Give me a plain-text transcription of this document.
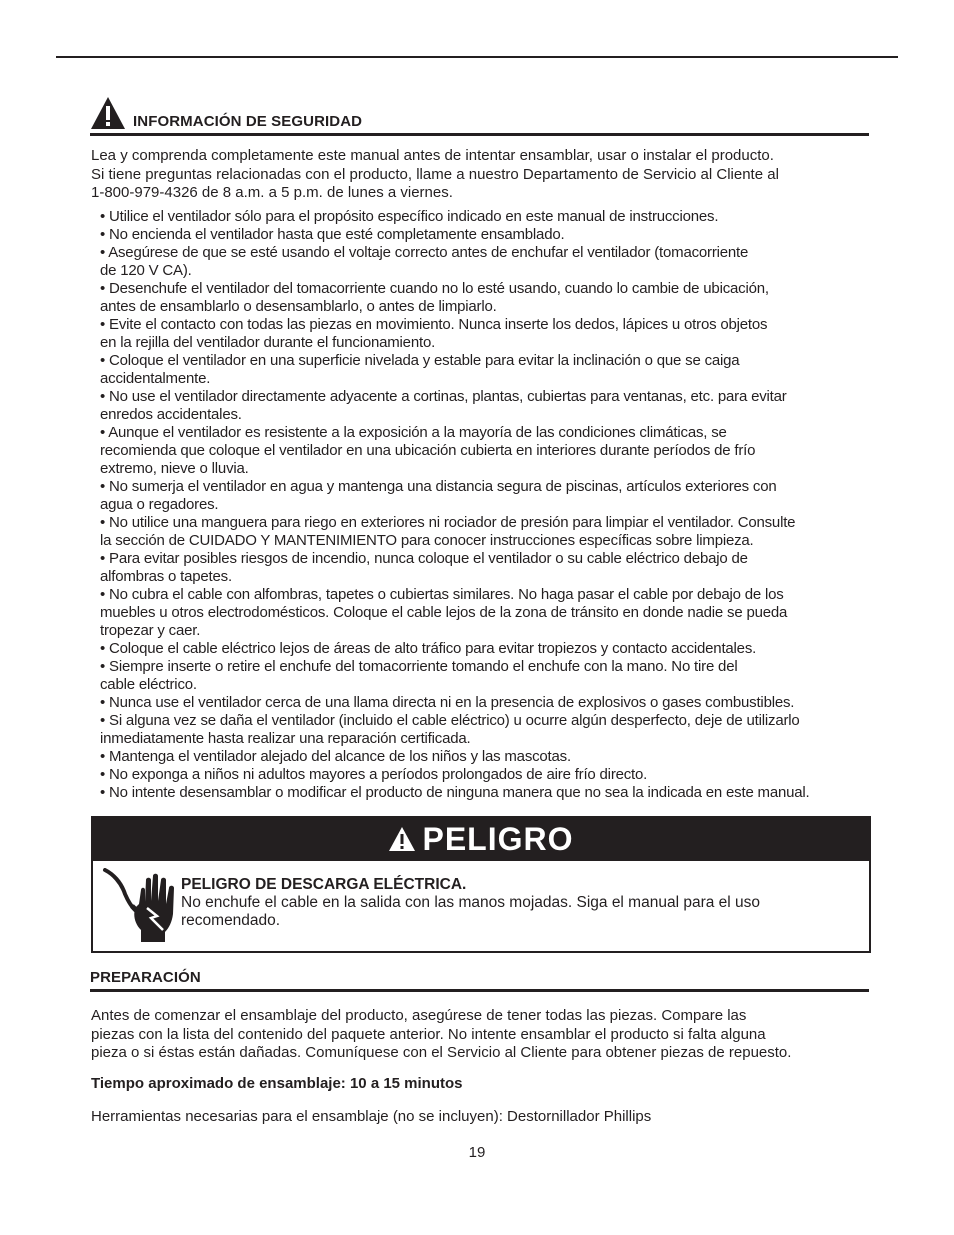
INFORMACIÓN DE SEGURIDAD

Lea y comprenda completamente este manual antes de intentar ensamblar, usar o instalar el producto.

Si tiene preguntas relacionadas con el producto, llame a nuestro Departamento de Servicio al Cliente al

1-800-979-4326 de 8 a.m. a 5 p.m. de lunes a viernes.

• Utilice el ventilador sólo para el propósito específico indicado en este manual de instrucciones.
• No encienda el ventilador hasta que esté completamente ensamblado.
• Asegúrese de que se esté usando el voltaje correcto antes de enchufar el ventilador (tomacorriente
de 120 V CA).
• Desenchufe el ventilador del tomacorriente cuando no lo esté usando, cuando lo cambie de ubicación,
antes de ensamblarlo o desensamblarlo, o antes de limpiarlo.
• Evite el contacto con todas las piezas en movimiento. Nunca inserte los dedos, lápices u otros objetos
en la rejilla del ventilador durante el funcionamiento.
• Coloque el ventilador en una superficie nivelada y estable para evitar la inclinación o que se caiga
accidentalmente.
• No use el ventilador directamente adyacente a cortinas, plantas, cubiertas para ventanas, etc. para evitar
enredos accidentales.
• Aunque el ventilador es resistente a la exposición a la mayoría de las condiciones climáticas, se
recomienda que coloque el ventilador en una ubicación cubierta en interiores durante períodos de frío
extremo, nieve o lluvia.
• No sumerja el ventilador en agua y mantenga una distancia segura de piscinas, artículos exteriores con
agua o regadores.
• No utilice una manguera para riego en exteriores ni rociador de presión para limpiar el ventilador. Consulte
la sección de CUIDADO Y MANTENIMIENTO para conocer instrucciones específicas sobre limpieza.
• Para evitar posibles riesgos de incendio, nunca coloque el ventilador o su cable eléctrico debajo de
alfombras o tapetes.
• No cubra el cable con alfombras, tapetes o cubiertas similares. No haga pasar el cable por debajo de los
muebles u otros electrodomésticos. Coloque el cable lejos de la zona de tránsito en donde nadie se pueda
tropezar y caer.
• Coloque el cable eléctrico lejos de áreas de alto tráfico para evitar tropiezos y contacto accidentales.
• Siempre inserte o retire el enchufe del tomacorriente tomando el enchufe con la mano. No tire del
cable eléctrico.
• Nunca use el ventilador cerca de una llama directa ni en la presencia de explosivos o gases combustibles.
• Si alguna vez se daña el ventilador (incluido el cable eléctrico) u ocurre algún desperfecto, deje de utilizarlo
inmediatamente hasta realizar una reparación certificada.
• Mantenga el ventilador alejado del alcance de los niños y las mascotas.
• No exponga a niños ni adultos mayores a períodos prolongados de aire frío directo.
• No intente desensamblar o modificar el producto de ninguna manera que no sea la indicada en este manual.
PELIGRO
PELIGRO DE DESCARGA ELÉCTRICA.
No enchufe el cable en la salida con las manos mojadas. Siga el manual para el uso
recomendado.
PREPARACIÓN
Antes de comenzar el ensamblaje del producto, asegúrese de tener todas las piezas. Compare las
piezas con la lista del contenido del paquete anterior. No intente ensamblar el producto si falta alguna
pieza o si éstas están dañadas. Comuníquese con el Servicio al Cliente para obtener piezas de repuesto.

Tiempo aproximado de ensamblaje: 10 a 15 minutos

Herramientas necesarias para el ensamblaje (no se incluyen): Destornillador Phillips

19
